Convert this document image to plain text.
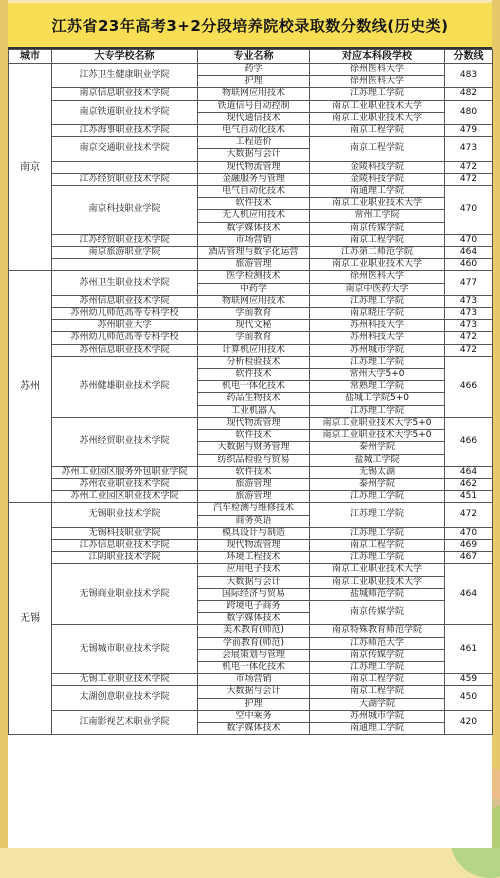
江苏省23年高考3+2分段培养院校录取数分数线(历史类)
城市	大专学校名称	专业名称	对应本科段学校	分数线
南京	江苏卫生健康职业学院	药学	徐州医科大学	483
		护理	徐州医科大学	
	南京信息职业技术学院	物联网应用技术	江苏理工学院	482
	南京铁道职业技术学院	铁道信号自动控制	南京工业职业技术大学	480
		现代通信技术	南京工业职业技术大学	
	江苏海事职业技术学院	电气自动化技术	南京工程学院	479
	南京交通职业技术学院	工程造价	南京工程学院	473
		大数据与会计		
		现代物流管理	金陵科技学院	472
	江苏经贸职业技术学院	金融服务与管理	金陵科技学院	472
	南京科技职业学院	电气自动化技术	南通理工学院	470
		软件技术	南京工业职业技术大学	
		无人机应用技术	常州工学院	
		数字媒体技术	南京传媒学院	
	江苏经贸职业技术学院	市场营销	南京工程学院	470
	南京旅游职业学院	酒店管理与数字化运营	江苏第二师范学院	464
		旅游管理	南京工业职业技术大学	460
苏州	苏州卫生职业技术学院	医学检测技术	徐州医科大学	477
		中药学	南京中医药大学	
	苏州信息职业技术学院	物联网应用技术	江苏理工学院	473
	苏州幼儿师范高等专科学校	学前教育	南京晓庄学院	473
	苏州职业大学	现代文秘	苏州科技大学	473
	苏州幼儿师范高等专科学校	学前教育	苏州科技大学	472
	苏州信息职业技术学院	计算机应用技术	苏州城市学院	472
	苏州健雄职业技术学院	分析检验技术	江苏理工学院	466
		软件技术	常州大学5+0	
		机电一体化技术	常熟理工学院	
		药品生物技术	盐城工学院5+0	
		工业机器人	江苏理工学院	
	苏州经贸职业技术学院	现代物流管理	南京工业职业技术大学5+0	466
		软件技术	南京工业职业技术大学5+0	
		大数据与财务管理	泰州学院	
		纺织品检验与贸易	盐城工学院	
	苏州工业园区服务外包职业学院	软件技术	无锡太湖	464
	苏州农业职业技术学院	旅游管理	泰州学院	462
	苏州工业园区职业技术学院	旅游管理	江苏理工学院	451
无锡	无锡职业技术学院	汽车检测与维修技术	江苏理工学院	472
		商务英语		
	无锡科技职业学院	模具设计与制造	江苏理工学院	470
	江苏信息职业技术学院	现代物流管理	南京工程学院	469
	江阴职业技术学院	环境工程技术	江苏理工学院	467
	无锡商业职业技术学院	应用电子技术	南京工业职业技术大学	464
		大数据与会计	南京工业职业技术大学	
		国际经济与贸易	盐城师范学院	
		跨境电子商务	南京传媒学院	
		数字媒体技术		
	无锡城市职业技术学院	美术教育(师范)	南京特殊教育师范学院	461
		学前教育(师范)	江苏师范大学	
		会展策划与管理	南京传媒学院	
		机电一体化技术	江苏理工学院	
	无锡工业职业技术学院	市场营销	南京工程学院	459
	太湖创意职业技术学院	大数据与会计	南京工程学院	450
		护理	大湖学院	
	江南影视艺术职业学院	空中乘务	苏州城市学院	420
		数字媒体技术	南通理工学院	
